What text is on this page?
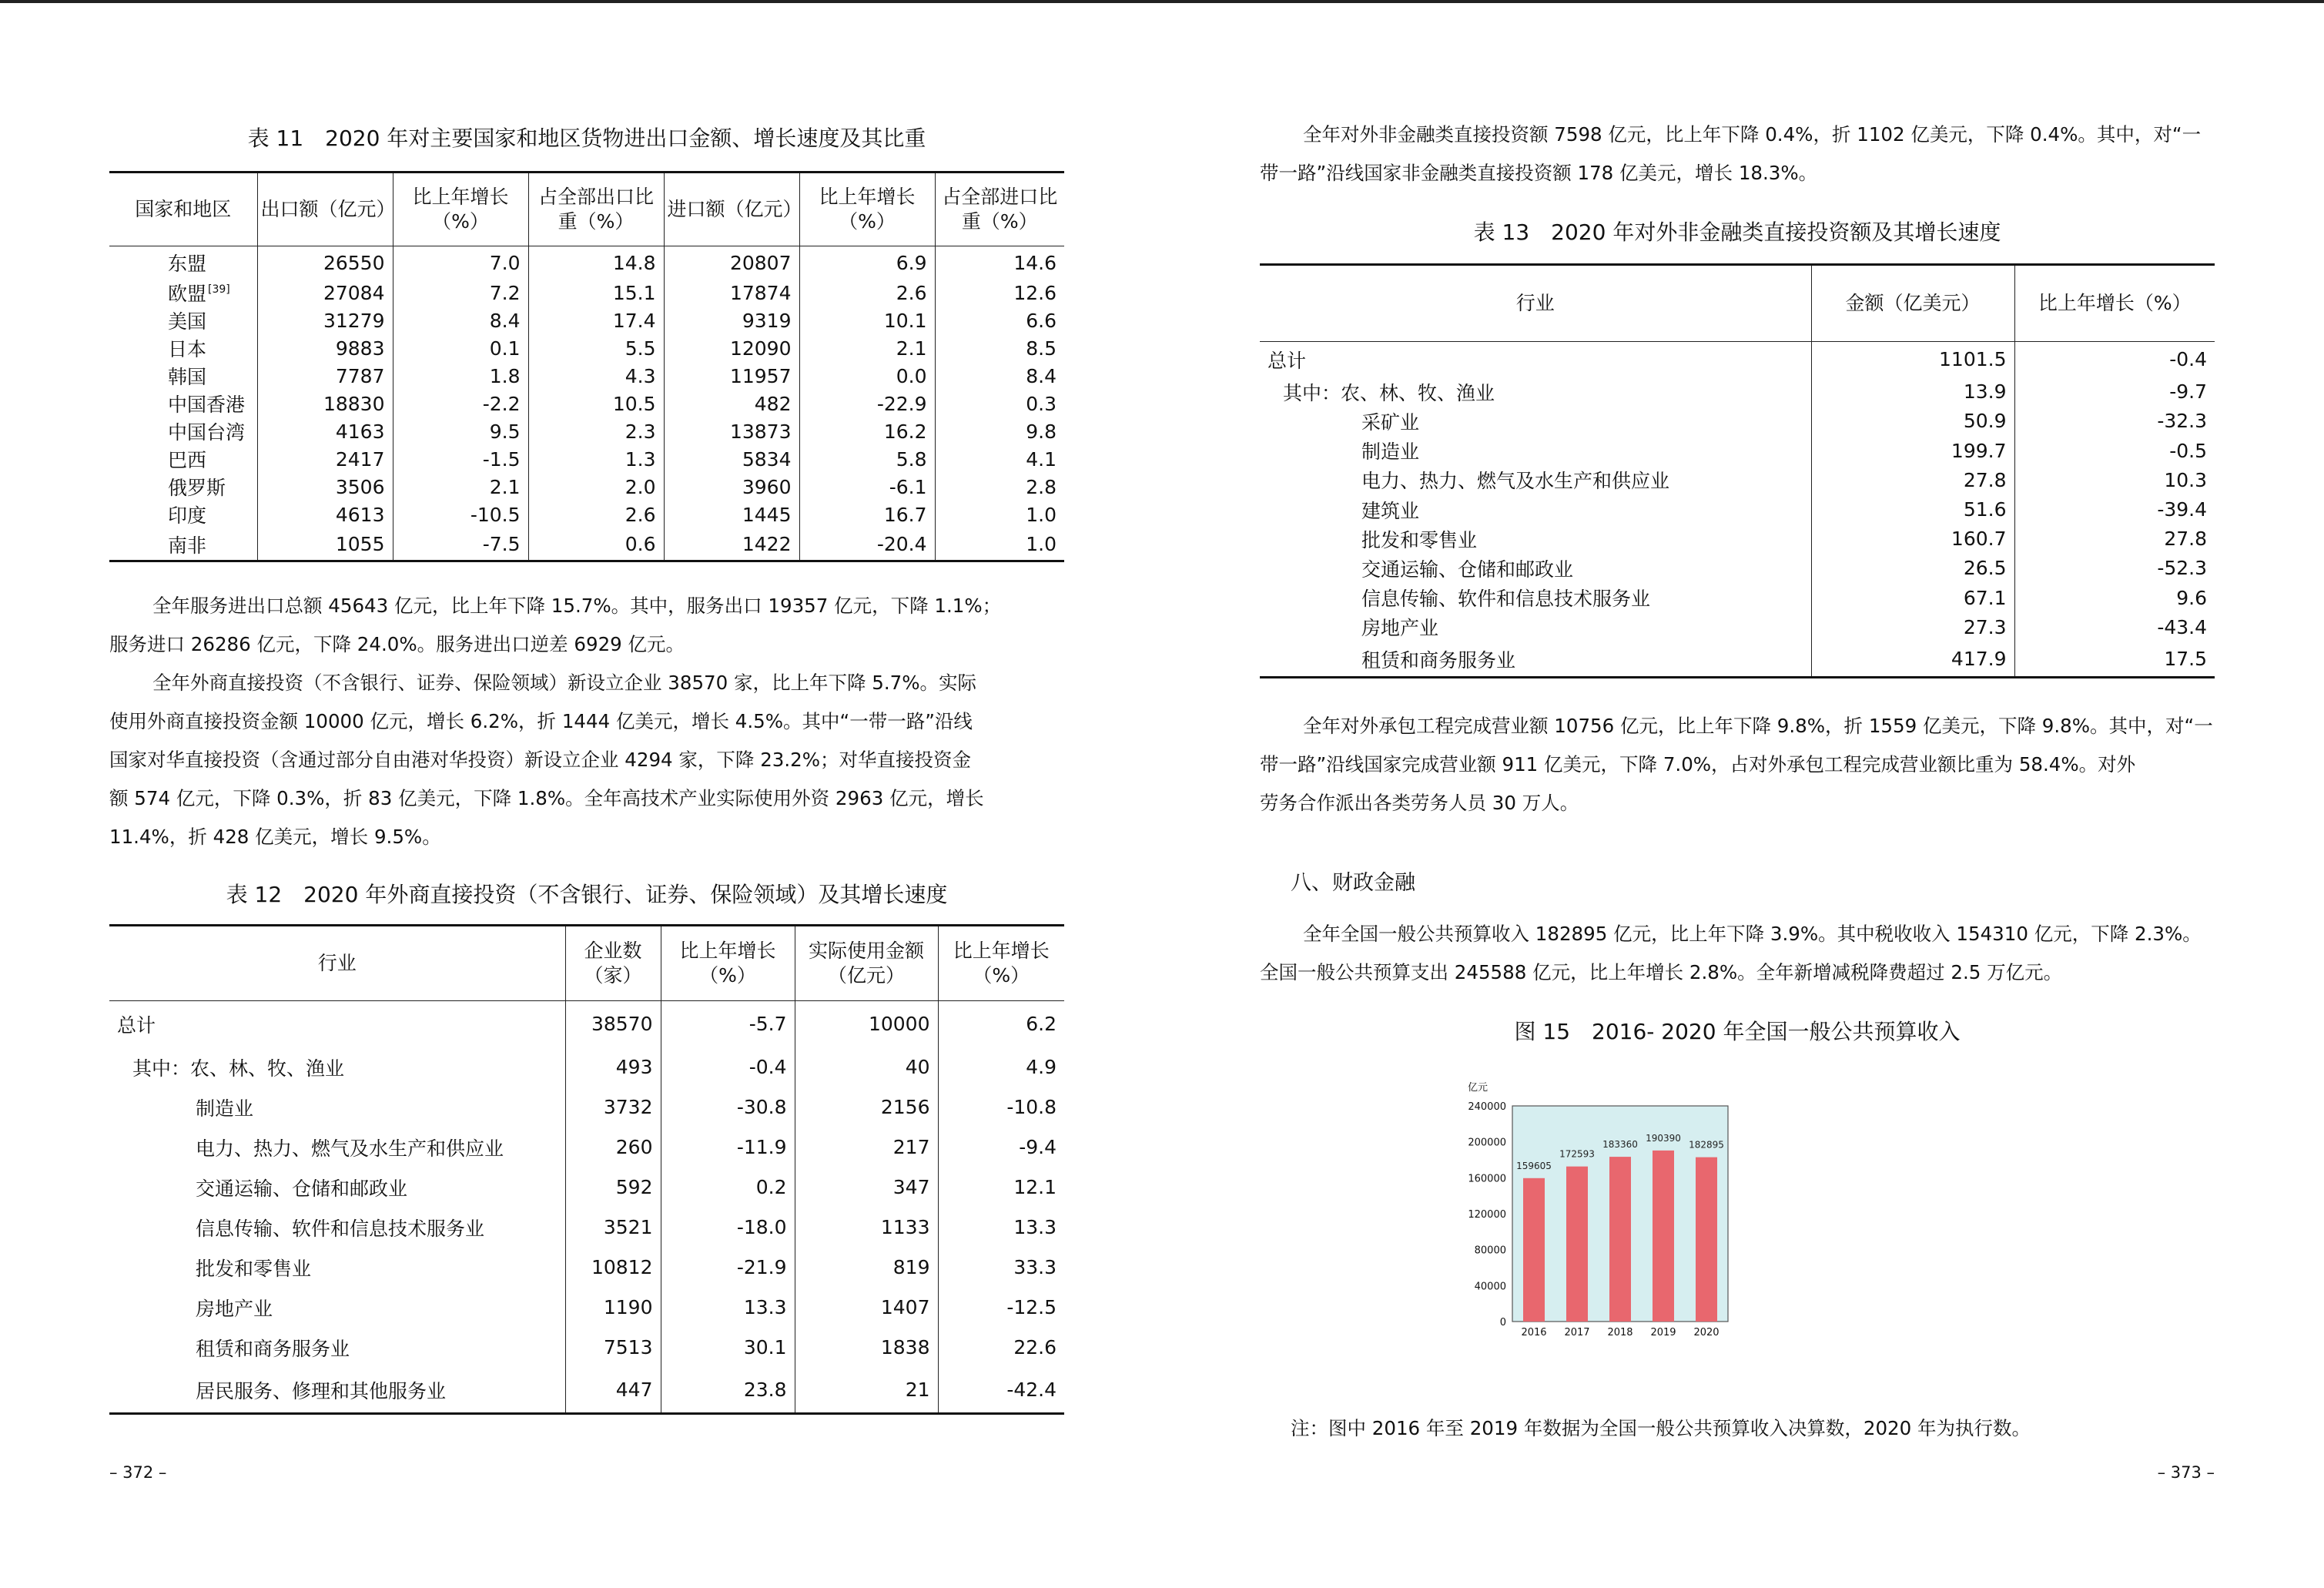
表 11　2020 年对主要国家和地区货物进出口金额、增长速度及其比重
国家和地区	出口额（亿元）	比上年增长（%）	占全部出口比重（%）	进口额（亿元）	比上年增长（%）	占全部进口比重（%）
东盟	26550	7.0	14.8	20807	6.9	14.6
欧盟 [39]	27084	7.2	15.1	17874	2.6	12.6
美国	31279	8.4	17.4	9319	10.1	6.6
日本	9883	0.1	5.5	12090	2.1	8.5
韩国	7787	1.8	4.3	11957	0.0	8.4
中国香港	18830	-2.2	10.5	482	-22.9	0.3
中国台湾	4163	9.5	2.3	13873	16.2	9.8
巴西	2417	-1.5	1.3	5834	5.8	4.1
俄罗斯	3506	2.1	2.0	3960	-6.1	2.8
印度	4613	-10.5	2.6	1445	16.7	1.0
南非	1055	-7.5	0.6	1422	-20.4	1.0

全年服务进出口总额 45643 亿元，比上年下降 15.7%。其中，服务出口 19357 亿元，下降 1.1%；

服务进口 26286 亿元，下降 24.0%。服务进出口逆差 6929 亿元。

全年外商直接投资（不含银行、证券、保险领域）新设立企业 38570 家，比上年下降 5.7%。实际

使用外商直接投资金额 10000 亿元，增长 6.2%，折 1444 亿美元，增长 4.5%。其中“一带一路”沿线

国家对华直接投资（含通过部分自由港对华投资）新设立企业 4294 家，下降 23.2%；对华直接投资金

额 574 亿元，下降 0.3%，折 83 亿美元，下降 1.8%。全年高技术产业实际使用外资 2963 亿元，增长

11.4%，折 428 亿美元，增长 9.5%。

表 12　2020 年外商直接投资（不含银行、证券、保险领域）及其增长速度
行业	企业数（家）	比上年增长（%）	实际使用金额（亿元）	比上年增长（%）
总计	38570	-5.7	10000	6.2
其中：农、林、牧、渔业	493	-0.4	40	4.9
制造业	3732	-30.8	2156	-10.8
电力、热力、燃气及水生产和供应业	260	-11.9	217	-9.4
交通运输、仓储和邮政业	592	0.2	347	12.1
信息传输、软件和信息技术服务业	3521	-18.0	1133	13.3
批发和零售业	10812	-21.9	819	33.3
房地产业	1190	13.3	1407	-12.5
租赁和商务服务业	7513	30.1	1838	22.6
居民服务、修理和其他服务业	447	23.8	21	-42.4
– 372 –

全年对外非金融类直接投资额 7598 亿元，比上年下降 0.4%，折 1102 亿美元，下降 0.4%。其中，对“一

带一路”沿线国家非金融类直接投资额 178 亿美元，增长 18.3%。

表 13　2020 年对外非金融类直接投资额及其增长速度
行业	金额（亿美元）	比上年增长（%）
总计	1101.5	-0.4
其中：农、林、牧、渔业	13.9	-9.7
采矿业	50.9	-32.3
制造业	199.7	-0.5
电力、热力、燃气及水生产和供应业	27.8	10.3
建筑业	51.6	-39.4
批发和零售业	160.7	27.8
交通运输、仓储和邮政业	26.5	-52.3
信息传输、软件和信息技术服务业	67.1	9.6
房地产业	27.3	-43.4
租赁和商务服务业	417.9	17.5

全年对外承包工程完成营业额 10756 亿元，比上年下降 9.8%，折 1559 亿美元，下降 9.8%。其中，对“一

带一路”沿线国家完成营业额 911 亿美元，下降 7.0%，占对外承包工程完成营业额比重为 58.4%。对外

劳务合作派出各类劳务人员 30 万人。

八、财政金融

全年全国一般公共预算收入 182895 亿元，比上年下降 3.9%。其中税收收入 154310 亿元，下降 2.3%。

全国一般公共预算支出 245588 亿元，比上年增长 2.8%。全年新增减税降费超过 2.5 万亿元。

图 15　2016- 2020 年全国一般公共预算收入
亿元
0
40000
80000
120000
160000
200000
240000
159605
2016
172593
2017
183360
2018
190390
2019
182895
2020
注：图中 2016 年至 2019 年数据为全国一般公共预算收入决算数，2020 年为执行数。
– 373 –
